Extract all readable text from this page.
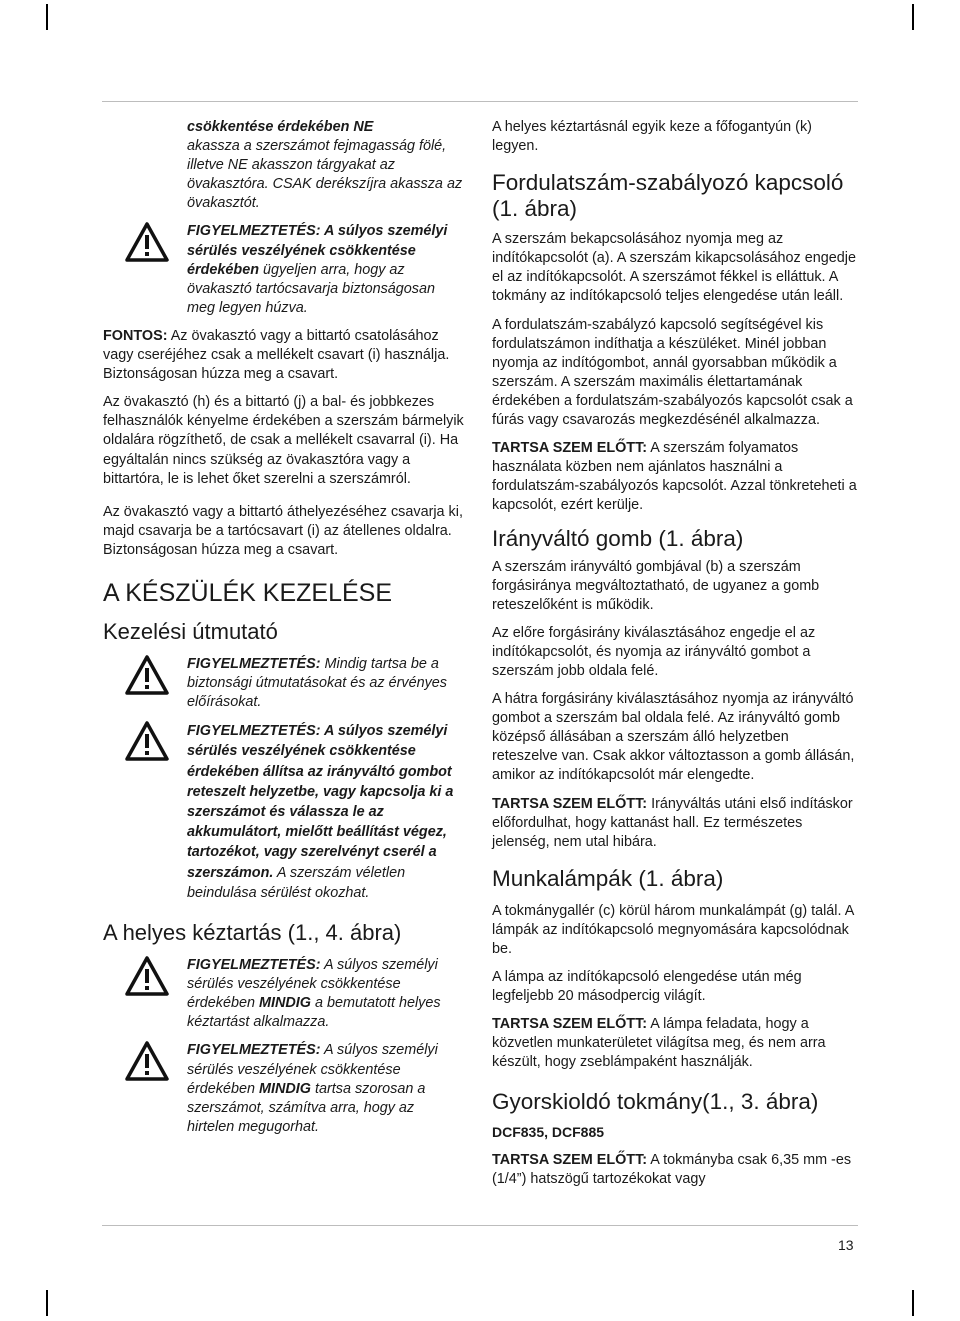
csökkentése érdekében NE
akassza a szerszámot fejmagasság fölé, illetve NE akasszon tárgyakat az övakasztóra. CSAK derékszíjra akassza az övakasztót.
FIGYELMEZTETÉS: A súlyos személyi sérülés veszélyének csökkentése érdekében ügyeljen arra, hogy az övakasztó tartócsavarja biztonságosan meg legyen húzva.

FONTOS: Az övakasztó vagy a bittartó csatolásához vagy cseréjéhez csak a mellékelt csavart (i) használja. Biztonságosan húzza meg a csavart.

Az övakasztó (h) és a bittartó (j) a bal- és jobbkezes felhasználók kényelme érdekében a szerszám bármelyik oldalára rögzíthető, de csak a mellékelt csavarral (i). Ha egyáltalán nincs szükség az övakasztóra vagy a bittartóra, le is lehet őket szerelni a szerszámról.

Az övakasztó vagy a bittartó áthelyezéséhez csavarja ki, majd csavarja be a tartócsavart (i) az átellenes oldalra. Biztonságosan húzza meg a csavart.

A KÉSZÜLÉK KEZELÉSE
Kezelési útmutató
FIGYELMEZTETÉS: Mindig tartsa be a biztonsági útmutatásokat és az érvényes előírásokat.
FIGYELMEZTETÉS: A súlyos személyi sérülés veszélyének csökkentése érdekében állítsa az irányváltó gombot reteszelt helyzetbe, vagy kapcsolja ki a szerszámot és válassza le az akkumulátort, mielőtt beállítást végez, tartozékot, vagy szerelvényt cserél a szerszámon. A szerszám véletlen beindulása sérülést okozhat.
A helyes kéztartás (1., 4. ábra)
FIGYELMEZTETÉS: A súlyos személyi sérülés veszélyének csökkentése érdekében MINDIG a bemutatott helyes kéztartást alkalmazza.
FIGYELMEZTETÉS: A súlyos személyi sérülés veszélyének csökkentése érdekében MINDIG tartsa szorosan a szerszámot, számítva arra, hogy az hirtelen megugorhat.

A helyes kéztartásnál egyik keze a főfogantyún (k) legyen.

Fordulatszám-szabályozó kapcsoló (1. ábra)

A szerszám bekapcsolásához nyomja meg az indítókapcsolót (a). A szerszám kikapcsolásához engedje el az indítókapcsolót. A szerszámot fékkel is elláttuk. A tokmány az indítókapcsoló teljes elengedése után leáll.

A fordulatszám-szabályzó kapcsoló segítségével kis fordulatszámon indíthatja a készüléket. Minél jobban nyomja az indítógombot, annál gyorsabban működik a szerszám. A szerszám maximális élettartamának érdekében a fordulatszám-szabályozós kapcsolót csak a fúrás vagy csavarozás megkezdésénél alkalmazza.

TARTSA SZEM ELŐTT: A szerszám folyamatos használata közben nem ajánlatos használni a fordulatszám-szabályozós kapcsolót. Azzal tönkreteheti a kapcsolót, ezért kerülje.

Irányváltó gomb (1. ábra)

A szerszám irányváltó gombjával (b) a szerszám forgásiránya megváltoztatható, de ugyanez a gomb reteszelőként is működik.

Az előre forgásirány kiválasztásához engedje el az indítókapcsolót, és nyomja az irányváltó gombot a szerszám jobb oldala felé.

A hátra forgásirány kiválasztásához nyomja az irányváltó gombot a szerszám bal oldala felé. Az irányváltó gomb középső állásában a szerszám álló helyzetben reteszelve van. Csak akkor változtasson a gomb állásán, amikor az indítókapcsolót már elengedte.

TARTSA SZEM ELŐTT: Irányváltás utáni első indításkor előfordulhat, hogy kattanást hall. Ez természetes jelenség, nem utal hibára.

Munkalámpák (1. ábra)

A tokmánygallér (c) körül három munkalámpát (g) talál. A lámpák az indítókapcsoló megnyomására kapcsolódnak be.

A lámpa az indítókapcsoló elengedése után még legfeljebb 20 másodpercig világít.

TARTSA SZEM ELŐTT: A lámpa feladata, hogy a közvetlen munkaterületet világítsa meg, és nem arra készült, hogy zseblámpaként használják.

Gyorskioldó tokmány(1., 3. ábra)

DCF835, DCF885

TARTSA SZEM ELŐTT: A tokmányba csak 6,35 mm -es (1/4”) hatszögű tartozékokat vagy

13
